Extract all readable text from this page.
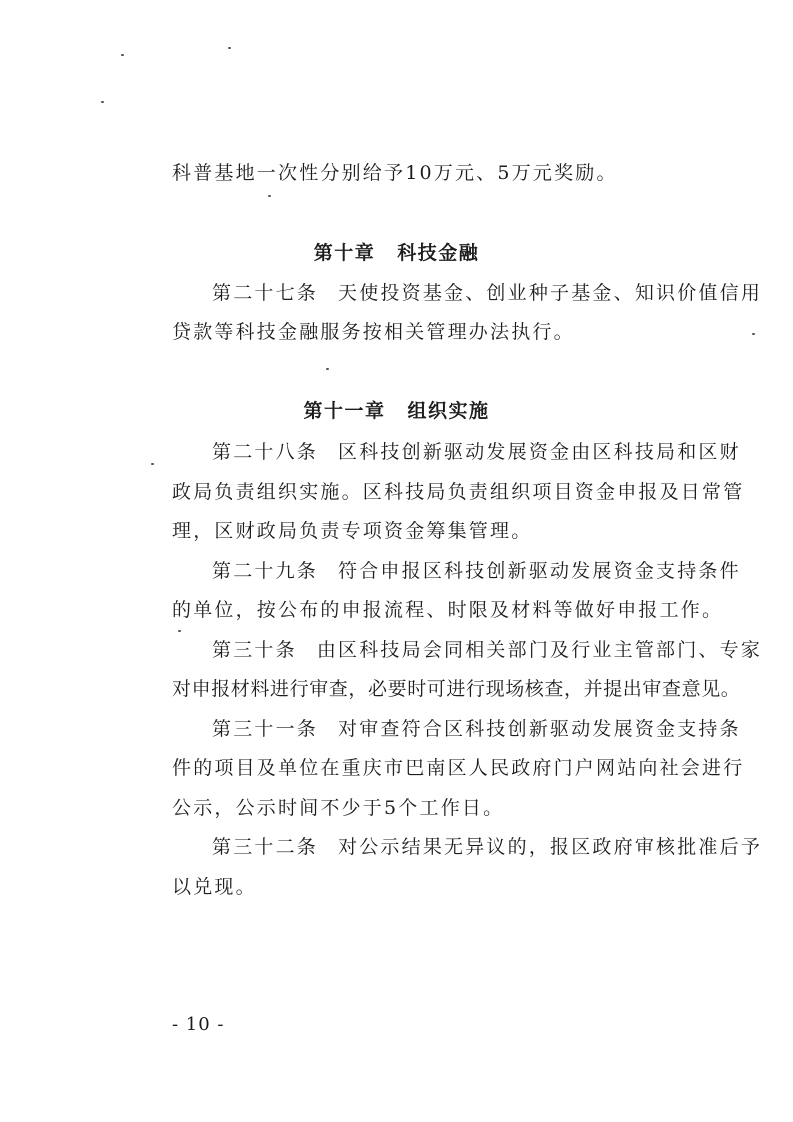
科普基地一次性分别给予10万元、5万元奖励。
第十章 科技金融
第二十七条 天使投资基金、创业种子基金、知识价值信用
贷款等科技金融服务按相关管理办法执行。
第十一章 组织实施
第二十八条 区科技创新驱动发展资金由区科技局和区财
政局负责组织实施。区科技局负责组织项目资金申报及日常管
理，区财政局负责专项资金筹集管理。
第二十九条 符合申报区科技创新驱动发展资金支持条件
的单位，按公布的申报流程、时限及材料等做好申报工作。
第三十条 由区科技局会同相关部门及行业主管部门、专家
对申报材料进行审查，必要时可进行现场核查，并提出审查意见。
第三十一条 对审查符合区科技创新驱动发展资金支持条
件的项目及单位在重庆市巴南区人民政府门户网站向社会进行
公示，公示时间不少于5个工作日。
第三十二条 对公示结果无异议的，报区政府审核批准后予
以兑现。
- 10 -
